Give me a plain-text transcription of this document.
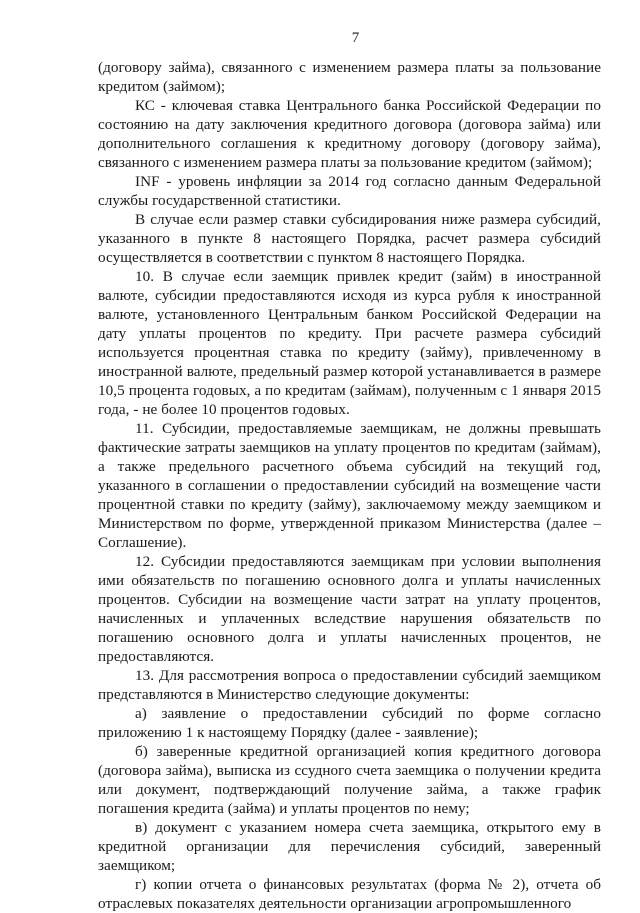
7

(договору займа), связанного с изменением размера платы за пользование кредитом (займом);

КС - ключевая ставка Центрального банка Российской Федерации по состоянию на дату заключения кредитного договора (договора займа) или дополнительного соглашения к кредитному договору (договору займа), связанного с изменением размера платы за пользование кредитом (займом);

INF - уровень инфляции за 2014 год согласно данным Федеральной службы государственной статистики.

В случае если размер ставки субсидирования ниже размера субсидий, указанного в пункте 8 настоящего Порядка, расчет размера субсидий осуществляется в соответствии с пунктом 8 настоящего Порядка.

10. В случае если заемщик привлек кредит (займ) в иностранной валюте, субсидии предоставляются исходя из курса рубля к иностранной валюте, установленного Центральным банком Российской Федерации на дату уплаты процентов по кредиту. При расчете размера субсидий используется процентная ставка по кредиту (займу), привлеченному в иностранной валюте, предельный размер которой устанавливается в размере 10,5 процента годовых, а по кредитам (займам), полученным с 1 января 2015 года, - не более 10 процентов годовых.

11. Субсидии, предоставляемые заемщикам, не должны превышать фактические затраты заемщиков на уплату процентов по кредитам (займам), а также предельного расчетного объема субсидий на текущий год, указанного в соглашении о предоставлении субсидий на возмещение части процентной ставки по кредиту (займу), заключаемому между заемщиком и Министерством по форме, утвержденной приказом Министерства (далее – Соглашение).

12. Субсидии предоставляются заемщикам при условии выполнения ими обязательств по погашению основного долга и уплаты начисленных процентов. Субсидии на возмещение части затрат на уплату процентов, начисленных и уплаченных вследствие нарушения обязательств по погашению основного долга и уплаты начисленных процентов, не предоставляются.

13. Для рассмотрения вопроса о предоставлении субсидий заемщиком представляются в Министерство следующие документы:

а) заявление о предоставлении субсидий по форме согласно приложению 1 к настоящему Порядку (далее - заявление);

б) заверенные кредитной организацией копия кредитного договора (договора займа), выписка из ссудного счета заемщика о получении кредита или документ, подтверждающий получение займа, а также график погашения кредита (займа) и уплаты процентов по нему;

в) документ с указанием номера счета заемщика, открытого ему в кредитной организации для перечисления субсидий, заверенный заемщиком;

г) копии отчета о финансовых результатах (форма № 2), отчета об отраслевых показателях деятельности организации агропромышленного
